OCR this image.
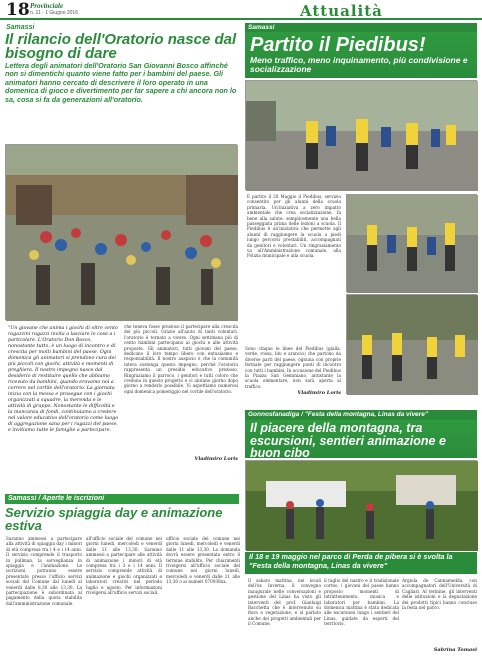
18 Provinciale
n. 11 - 1 Giugno 2016	Attualità
Samassi
Il rilancio dell'Oratorio nasce dal bisogno di dare
Lettera degli animatori dell'Oratorio San Giovanni Bosco affinché non si dimentichi quanto viene fatto per i bambini del paese. Gli animatori hanno cercato di descrivere il loro operato in una domenica di gioco e divertimento per far sapere a chi ancora non lo sa, cosa si fa da generazioni all'oratorio.
"Un giovane che anima i giochi di oltre cento ragazzini ragazzi invita a lasciare le cose a i particolare. L'Oratorio Don Bosco, nonostante tutto, è un luogo di incontro e di crescita per molti bambini del paese. Ogni domenica gli animatori si prendono cura dei più piccoli con giochi, attività e momenti di preghiera. Il nostro impegno nasce dal desiderio di restituire quello che abbiamo ricevuto da bambini, quando eravamo noi a correre nel cortile dell'oratorio. La giornata inizia con la messa e prosegue con i giochi organizzati a squadre, la merenda e le attività di gruppo. Nonostante le difficoltà e la mancanza di fondi, continuiamo a credere nel valore educativo dell'oratorio come luogo di aggregazione sana per i ragazzi del paese, e invitiamo tutte le famiglie a partecipare.
che teneva fosse prezioso il partecipare alla crescita dei più piccoli. Grazie all'aiuto di tanti volontari, l'oratorio è tornato a vivere. Ogni settimana più di cento bambini partecipano ai giochi e alle attività proposte. Gli animatori, tutti giovani del paese, dedicano il loro tempo libero con entusiasmo e responsabilità. Il nostro auspicio è che la comunità intera sostenga questo impegno, perché l'oratorio rappresenta un presidio educativo prezioso. Ringraziamo il parroco, i genitori e tutti coloro che credono in questo progetto e ci aiutano giorno dopo giorno a renderlo possibile. Vi aspettiamo numerosi ogni domenica pomeriggio nel cortile dell'oratorio.
Vladimiro Loris
Samassi / Aperte le iscrizioni
Servizio spiaggia day e animazione estiva
Saranno ammessi a partecipare alla attività di spiaggia day i minori di età compresa tra i 4 e i 14 anni. Il servizio comprende il trasporto in pullman, la sorveglianza in spiaggia e l'animazione. Le iscrizioni potranno essere presentate presso l'ufficio servizi sociali del Comune dal lunedì al venerdì dalle 8,30 alle 13,30. La partecipazione è subordinata al pagamento della quota stabilita dall'amministrazione comunale.
all'ufficio sociale del comune nei giorni lunedì, mercoledì e venerdì dalle 11 alle 13,30. Saranno ammessi a partecipare alle attività di animazione i minori di età compresa tra i 3 e i 14 anni. Il servizio comprende attività di animazione e giochi organizzati e laboratori creativi nel periodo luglio e agosto. Per informazioni rivolgersi all'ufficio servizi sociali.
ufficio sociale del comune nei giorni lunedì, mercoledì e venerdì dalle 11 alle 13,30. La domanda dovrà essere presentata entro il termine stabilito. Per chiarimenti rivolgersi all'ufficio sociale del comune nei giorni lunedì, mercoledì e venerdì dalle 11 alle 13,30 o ai numeri 070938xx.
Samassi
Partito il Piedibus!
Meno traffico, meno inquinamento, più condivisione e socializzazione
E partito il 20 Maggio il Piedibus, servizio consentito per gli alunni della scuola primaria. Un'iniziativa a zero impatto ambientale che crea socializzazione, fa bene alla salute: semplicemente una bella passeggiata prima delle lezioni a scuola. Il Piedibus è un'iniziativa che permette agli alunni di raggiungere la scuola a piedi lungo percorsi prestabiliti, accompagnati da genitori e volontari. Un ringraziamento va all'Amministrazione comunale, alla Polizia municipale e alla scuola.
Sono cinque le linee del Piedibus (gialla, verde, rossa, blu e arancio) che partono da diverse parti del paese, ognuna con proprie fermate per raggiungere punti di incontro con tutti i bambini. In occasione del Piedibus la Piazza San Geminiano, antistante la scuola elementare, non sarà aperta al traffico.
Vladimiro Loris
Gonnosfanadiga / "Festa della montagna, Linas da vivere"
Il piacere della montagna, tra escursioni, sentieri animazione e buon cibo
Il 18 e 19 maggio nel parco di Perda de pibera si è svolta la "Festa della montagna, Linas da vivere"
Il sabato mattina, nei locali dell'ex Inverna, il convegno inaugurale nelle conversazioni e gestione del Linas ha visto gli interventi del prof. Gianluigi Bacchetta che è intervenuto su flora e vegetazione, e si parlato anche dei progetti ambientali per il Comune.
il taglio del nastro e il tradizionale corteo, i giovani del paese hanno proposto momenti di intrattenimento, musica e laboratori per bambini. La domenica mattina è stata dedicata alle escursioni lungo i sentieri del Linas, guidate da esperti del territorio.
Argiola de Cannamedda, con accompagnatori dell'Università di Cagliari. Al termine, gli interventi delle istituzioni e la degustazione dei prodotti tipici hanno concluso la festa nel parco.
Sabrina Tomasi
